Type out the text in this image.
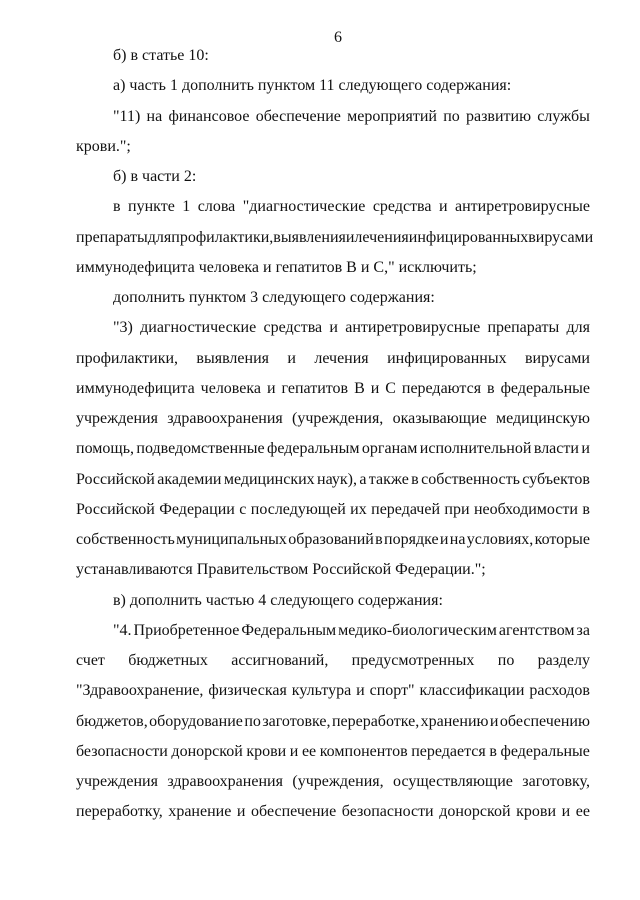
6
б) в статье 10:
а) часть 1 дополнить пунктом 11 следующего содержания:
"11) на финансовое обеспечение мероприятий по развитию службы
крови.";
б) в части 2:
в пункте 1 слова "диагностические средства и антиретровирусные
препараты для профилактики, выявления и лечения инфицированных вирусами
иммунодефицита человека и гепатитов В и С," исключить;
дополнить пунктом 3 следующего содержания:
"3) диагностические средства и антиретровирусные препараты для
профилактики, выявления и лечения инфицированных вирусами
иммунодефицита человека и гепатитов В и С передаются в федеральные
учреждения здравоохранения (учреждения, оказывающие медицинскую
помощь, подведомственные федеральным органам исполнительной власти и
Российской академии медицинских наук), а также в собственность субъектов
Российской Федерации с последующей их передачей при необходимости в
собственность муниципальных образований в порядке и на условиях, которые
устанавливаются Правительством Российской Федерации.";
в) дополнить частью 4 следующего содержания:
"4. Приобретенное Федеральным медико-биологическим агентством за
счет бюджетных ассигнований, предусмотренных по разделу
"Здравоохранение, физическая культура и спорт" классификации расходов
бюджетов, оборудование по заготовке, переработке, хранению и обеспечению
безопасности донорской крови и ее компонентов передается в федеральные
учреждения здравоохранения (учреждения, осуществляющие заготовку,
переработку, хранение и обеспечение безопасности донорской крови и ее
